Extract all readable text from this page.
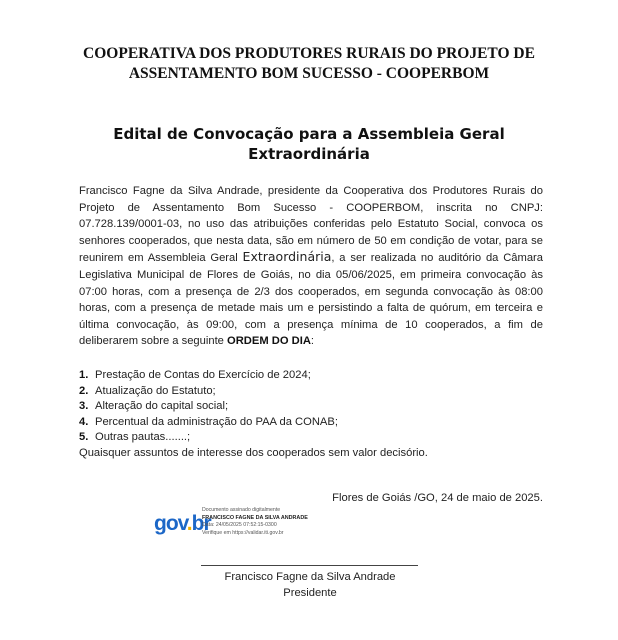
COOPERATIVA DOS PRODUTORES RURAIS DO PROJETO DE ASSENTAMENTO BOM SUCESSO - COOPERBOM
Edital de Convocação para a Assembleia Geral Extraordinária
Francisco Fagne da Silva Andrade, presidente da Cooperativa dos Produtores Rurais do Projeto de Assentamento Bom Sucesso - COOPERBOM, inscrita no CNPJ: 07.728.139/0001-03, no uso das atribuições conferidas pelo Estatuto Social, convoca os senhores cooperados, que nesta data, são em número de 50 em condição de votar, para se reunirem em Assembleia Geral Extraordinária, a ser realizada no auditório da Câmara Legislativa Municipal de Flores de Goiás, no dia 05/06/2025, em primeira convocação às 07:00 horas, com a presença de 2/3 dos cooperados, em segunda convocação às 08:00 horas, com a presença de metade mais um e persistindo a falta de quórum, em terceira e última convocação, às 09:00, com a presença mínima de 10 cooperados, a fim de deliberarem sobre a seguinte ORDEM DO DIA:
1. Prestação de Contas do Exercício de 2024;
2. Atualização do Estatuto;
3. Alteração do capital social;
4. Percentual da administração do PAA da CONAB;
5. Outras pautas.......;
Quaisquer assuntos de interesse dos cooperados sem valor decisório.
Flores de Goiás /GO, 24 de maio de 2025.
gov.br
Documento assinado digitalmente
FRANCISCO FAGNE DA SILVA ANDRADE
Data: 24/05/2025 07:52:15-0300
Verifique em https://validar.iti.gov.br
Francisco Fagne da Silva Andrade
Presidente
